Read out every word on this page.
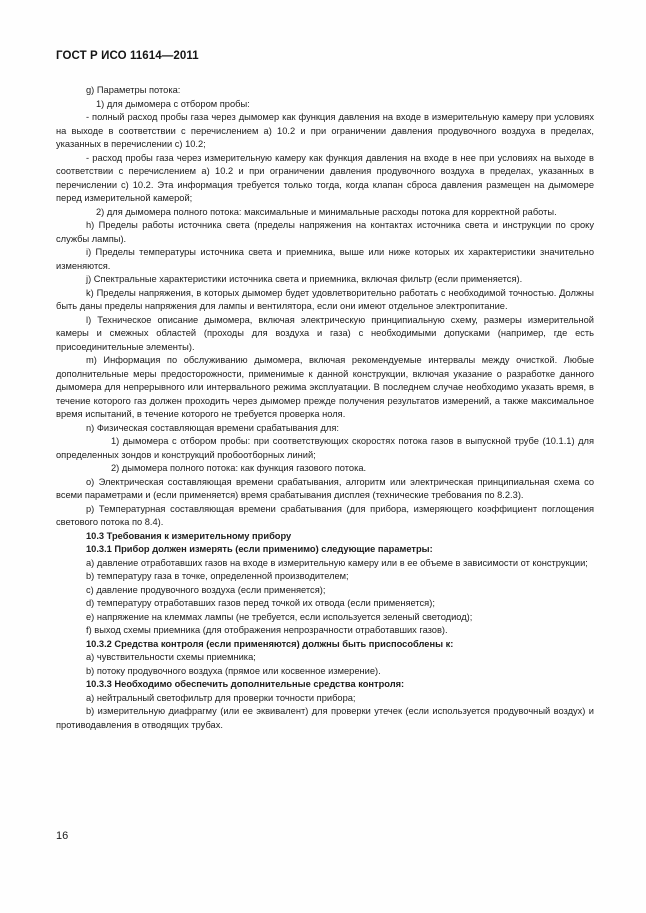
ГОСТ Р ИСО 11614—2011

g) Параметры потока:

1) для дымомера с отбором пробы:

- полный расход пробы газа через дымомер как функция давления на входе в измерительную камеру при условиях на выходе в соответствии с перечислением а) 10.2 и при ограничении давления продувочного воздуха в пределах, указанных в перечислении с) 10.2;

- расход пробы газа через измерительную камеру как функция давления на входе в нее при условиях на выходе в соответствии с перечислением а) 10.2 и при ограничении давления продувочного воздуха в пределах, указанных в перечислении с) 10.2. Эта информация требуется только тогда, когда клапан сброса давления размещен на дымомере перед измерительной камерой;

2) для дымомера полного потока: максимальные и минимальные расходы потока для корректной работы.

h) Пределы работы источника света (пределы напряжения на контактах источника света и инструкции по сроку службы лампы).

i) Пределы температуры источника света и приемника, выше или ниже которых их характеристики значительно изменяются.

j) Спектральные характеристики источника света и приемника, включая фильтр (если применяется).

k) Пределы напряжения, в которых дымомер будет удовлетворительно работать с необходимой точностью. Должны быть даны пределы напряжения для лампы и вентилятора, если они имеют отдельное электропитание.

l) Техническое описание дымомера, включая электрическую принципиальную схему, размеры измерительной камеры и смежных областей (проходы для воздуха и газа) с необходимыми допусками (например, где есть присоединительные элементы).

m) Информация по обслуживанию дымомера, включая рекомендуемые интервалы между очисткой. Любые дополнительные меры предосторожности, применимые к данной конструкции, включая указание о разработке данного дымомера для непрерывного или интервального режима эксплуатации. В последнем случае необходимо указать время, в течение которого газ должен проходить через дымомер прежде получения результатов измерений, а также максимальное время испытаний, в течение которого не требуется проверка ноля.

n) Физическая составляющая времени срабатывания для:

1) дымомера с отбором пробы: при соответствующих скоростях потока газов в выпускной трубе (10.1.1) для определенных зондов и конструкций пробоотборных линий;

2) дымомера полного потока: как функция газового потока.

o) Электрическая составляющая времени срабатывания, алгоритм или электрическая принципиальная схема со всеми параметрами и (если применяется) время срабатывания дисплея (технические требования по 8.2.3).

p) Температурная составляющая времени срабатывания (для прибора, измеряющего коэффициент поглощения светового потока по 8.4).

10.3 Требования к измерительному прибору

10.3.1 Прибор должен измерять (если применимо) следующие параметры:

а) давление отработавших газов на входе в измерительную камеру или в ее объеме в зависимости от конструкции;

b) температуру газа в точке, определенной производителем;

c) давление продувочного воздуха (если применяется);

d) температуру отработавших газов перед точкой их отвода (если применяется);

e) напряжение на клеммах лампы (не требуется, если используется зеленый светодиод);

f) выход схемы приемника (для отображения непрозрачности отработавших газов).

10.3.2 Средства контроля (если применяются) должны быть приспособлены к:

а) чувствительности схемы приемника;

b) потоку продувочного воздуха (прямое или косвенное измерение).

10.3.3 Необходимо обеспечить дополнительные средства контроля:

а) нейтральный светофильтр для проверки точности прибора;

b) измерительную диафрагму (или ее эквивалент) для проверки утечек (если используется продувочный воздух) и противодавления в отводящих трубах.

16
